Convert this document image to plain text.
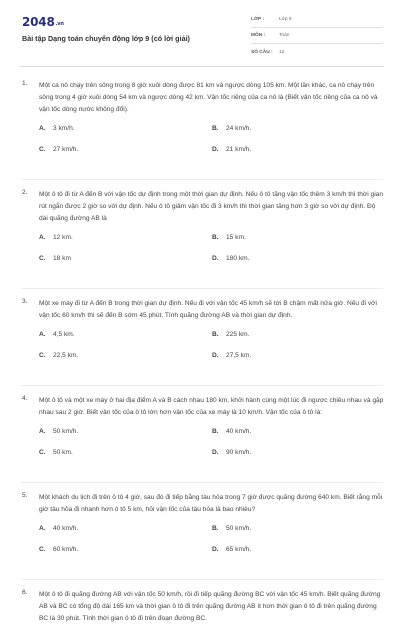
$2048^{.vn}$
Bài tập Dạng toán chuyển động lớp 9 (có lời giải)
LỚP :	Lớp 9
MÔN :	Toán
SỐ CÂU :	12
1. Một ca nô chạy trên sông trong 8 giờ xuôi dòng được 81 km và ngược dòng 105 km. Một lần khác, ca nô chạy trên sông trong 4 giờ xuôi dòng 54 km và ngược dòng 42 km. Vận tốc riêng của ca nô là (Biết vận tốc riêng của ca nô và vận tốc dòng nước không đổi).
A. 3 km/h.	B. 24 km/h.
C. 27 km/h.	D. 21 km/h.
2. Một ô tô đi từ A đến B với vận tốc dự định trong một thời gian dự định. Nếu ô tô tăng vận tốc thêm 3 km/h thì thời gian rút ngắn được 2 giờ so với dự định. Nếu ô tô giảm vận tốc đi 3 km/h thì thời gian tăng hơn 3 giờ so với dự định. Độ dài quãng đường AB là
A. 12 km.	B. 15 km.
C. 18 km	D. 180 km.
3. Một xe máy đi từ A đến B trong thời gian dự định. Nếu đi với vận tốc 45 km/h sẽ tới B chậm mất nửa giờ. Nếu đi với vận tốc 60 km/h thì sẽ đến B sớm 45 phút. Tính quãng đường AB và thời gian dự định.
A. 4,5 km.	B. 225 km.
C. 22,5 km.	D. 27,5 km.
4. Một ô tô và một xe máy ở hai địa điểm A và B cách nhau 180 km, khởi hành cùng một lúc đi ngược chiều nhau và gặp nhau sau 2 giờ. Biết vận tốc của ô tô lớn hơn vận tốc của xe máy là 10 km/h. Vận tốc của ô tô là:
A. 50 km/h.	B. 40 km/h.
C. 50 km.	D. 90 km/h.
5. Một khách du lịch đi trên ô tô 4 giờ, sau đó đi tiếp bằng tàu hỏa trong 7 giờ được quãng đường 640 km. Biết rằng mỗi giờ tàu hỏa đi nhanh hơn ô tô 5 km, hỏi vận tốc của tàu hỏa là bao nhiêu?
A. 40 km/h.	B. 50 km/h.
C. 60 km/h.	D. 65 km/h.
6. Một ô tô đi quãng đường AB với vận tốc 50 km/h, rồi đi tiếp quãng đường BC với vận tốc 45 km/h. Biết quãng đường AB và BC có tổng độ dài 165 km và thời gian ô tô đi trên quãng đường AB ít hơn thời gian ô tô đi trên quãng đường BC là 30 phút. Tính thời gian ô tô đi trên đoạn đường BC.
